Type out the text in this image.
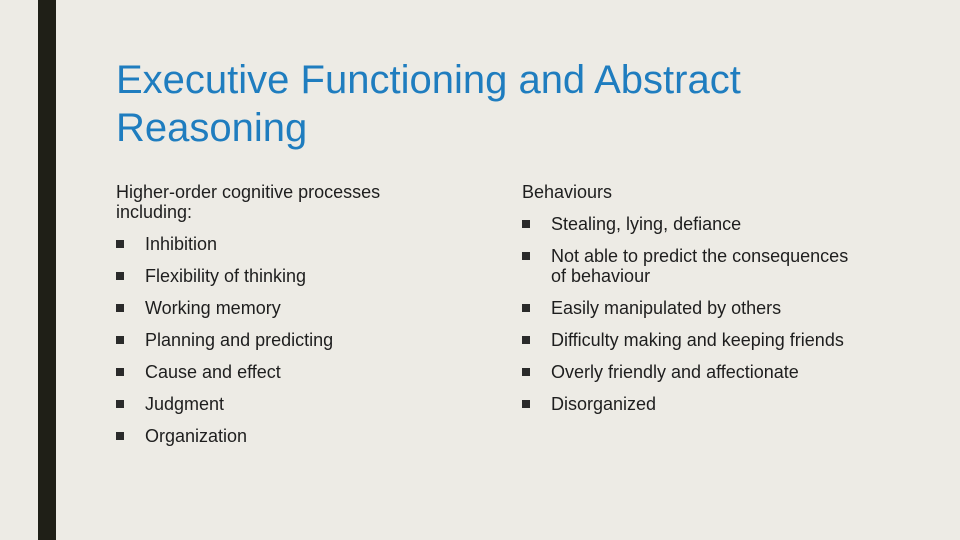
Executive Functioning and Abstract Reasoning

Higher-order cognitive processes including:

Inhibition
Flexibility of thinking
Working memory
Planning and predicting
Cause and effect
Judgment
Organization

Behaviours

Stealing, lying, defiance
Not able to predict the consequences of behaviour
Easily manipulated by others
Difficulty making and keeping friends
Overly friendly and affectionate
Disorganized
